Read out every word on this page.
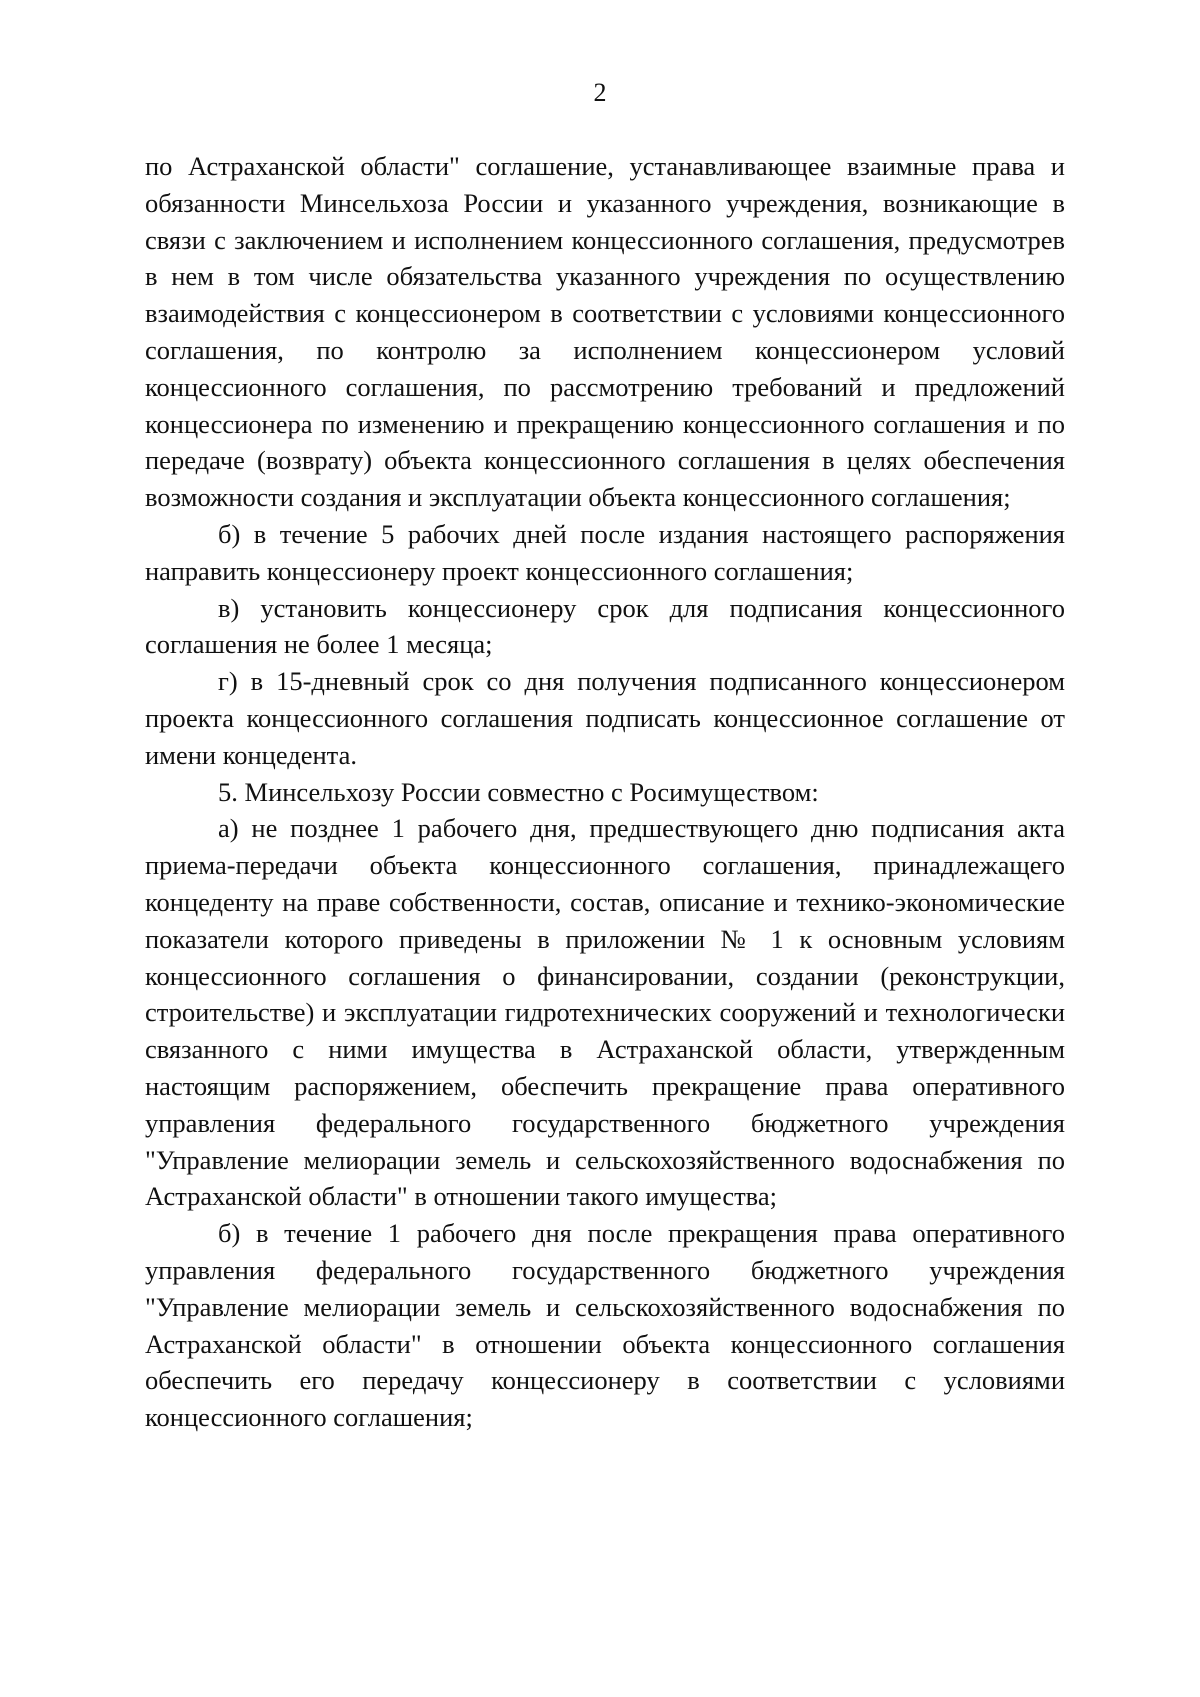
2

по Астраханской области" соглашение, устанавливающее взаимные права и обязанности Минсельхоза России и указанного учреждения, возникающие в связи с заключением и исполнением концессионного соглашения, предусмотрев в нем в том числе обязательства указанного учреждения по осуществлению взаимодействия с концессионером в соответствии с условиями концессионного соглашения, по контролю за исполнением концессионером условий концессионного соглашения, по рассмотрению требований и предложений концессионера по изменению и прекращению концессионного соглашения и по передаче (возврату) объекта концессионного соглашения в целях обеспечения возможности создания и эксплуатации объекта концессионного соглашения;

б) в течение 5 рабочих дней после издания настоящего распоряжения направить концессионеру проект концессионного соглашения;

в) установить концессионеру срок для подписания концессионного соглашения не более 1 месяца;

г) в 15-дневный срок со дня получения подписанного концессионером проекта концессионного соглашения подписать концессионное соглашение от имени концедента.

5. Минсельхозу России совместно с Росимуществом:

а) не позднее 1 рабочего дня, предшествующего дню подписания акта приема-передачи объекта концессионного соглашения, принадлежащего концеденту на праве собственности, состав, описание и технико-экономические показатели которого приведены в приложении № 1 к основным условиям концессионного соглашения о финансировании, создании (реконструкции, строительстве) и эксплуатации гидротехнических сооружений и технологически связанного с ними имущества в Астраханской области, утвержденным настоящим распоряжением, обеспечить прекращение права оперативного управления федерального государственного бюджетного учреждения "Управление мелиорации земель и сельскохозяйственного водоснабжения по Астраханской области" в отношении такого имущества;

б) в течение 1 рабочего дня после прекращения права оперативного управления федерального государственного бюджетного учреждения "Управление мелиорации земель и сельскохозяйственного водоснабжения по Астраханской области" в отношении объекта концессионного соглашения обеспечить его передачу концессионеру в соответствии с условиями концессионного соглашения;
